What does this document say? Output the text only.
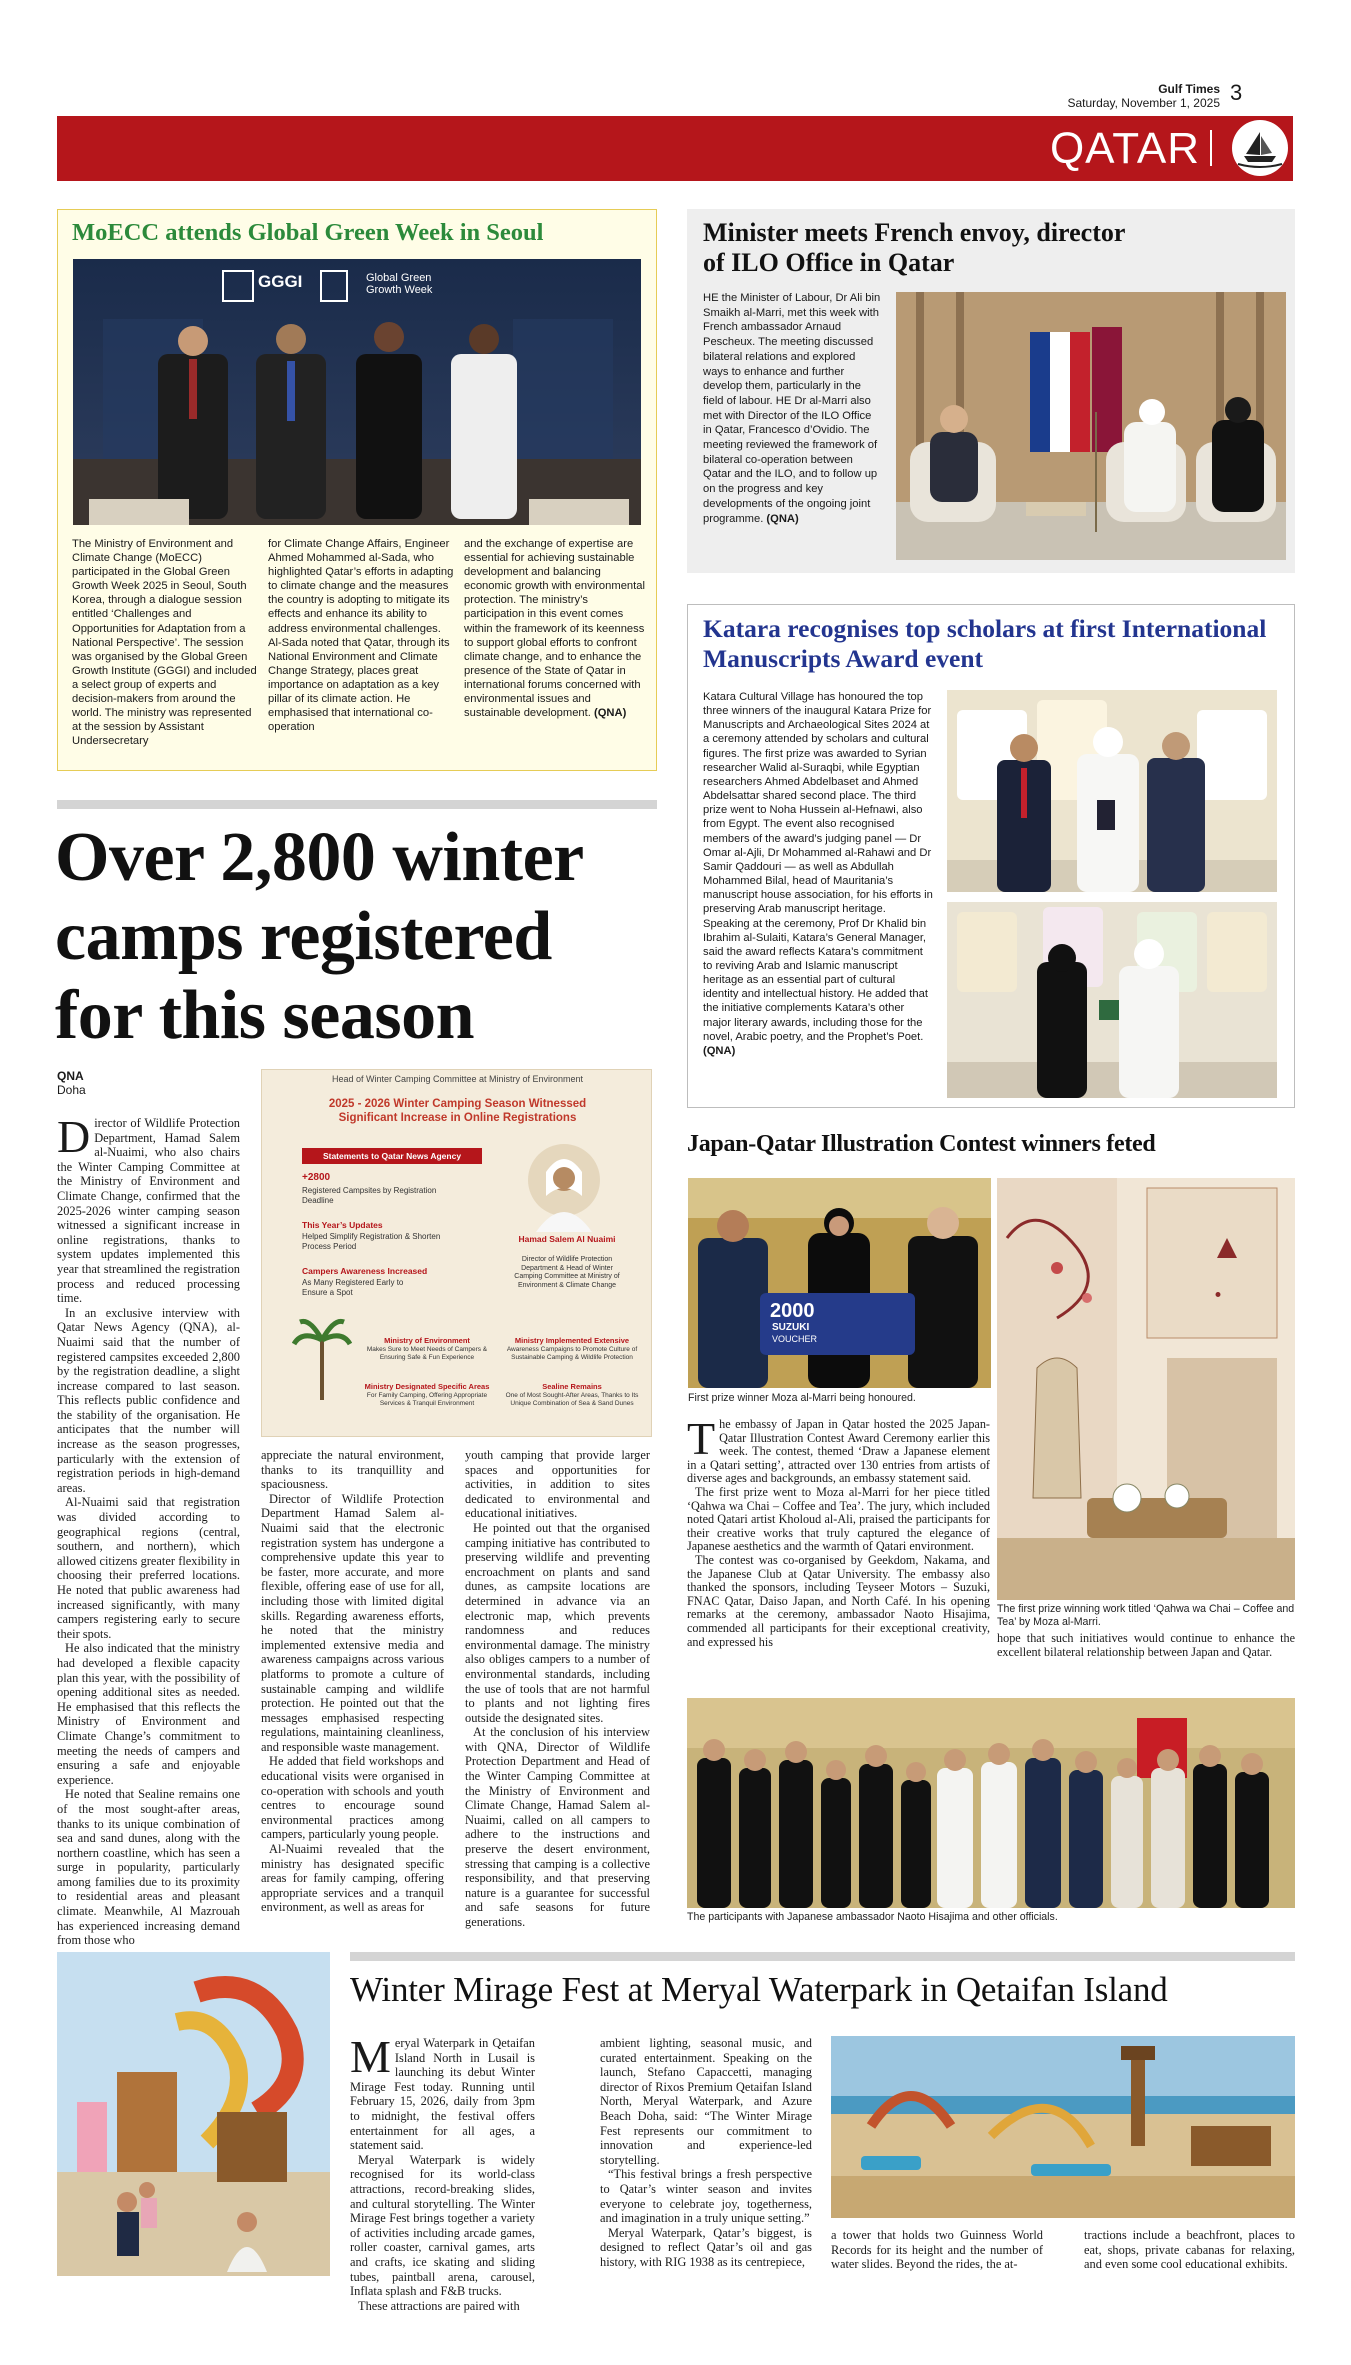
Gulf Times
Saturday, November 1, 2025 3
QATAR
MoECC attends Global Green Week in Seoul
GGGI	Global Green Growth Week
The Ministry of Environment and Climate Change (MoECC) participated in the Global Green Growth Week 2025 in Seoul, South Korea, through a dialogue session entitled ‘Challenges and Opportunities for Adaptation from a National Perspective’. The session was organised by the Global Green Growth Institute (GGGI) and included a select group of experts and decision-makers from around the world. The ministry was represented at the session by Assistant Undersecretary
for Climate Change Affairs, Engineer Ahmed Mohammed al-Sada, who highlighted Qatar’s efforts in adapting to climate change and the measures the country is adopting to mitigate its effects and enhance its ability to address environmental challenges. Al-Sada noted that Qatar, through its National Environment and Climate Change Strategy, places great importance on adaptation as a key pillar of its climate action. He emphasised that international co-operation
and the exchange of expertise are essential for achieving sustainable development and balancing economic growth with environmental protection. The ministry’s participation in this event comes within the framework of its keenness to support global efforts to confront climate change, and to enhance the presence of the State of Qatar in international forums concerned with environmental issues and sustainable development. (QNA)
Minister meets French envoy, director of ILO Office in Qatar
HE the Minister of Labour, Dr Ali bin Smaikh al-Marri, met this week with French ambassador Arnaud Pescheux. The meeting discussed bilateral relations and explored ways to enhance and further develop them, particularly in the field of labour. HE Dr al-Marri also met with Director of the ILO Office in Qatar, Francesco d’Ovidio. The meeting reviewed the framework of bilateral co-operation between Qatar and the ILO, and to follow up on the progress and key developments of the ongoing joint programme. (QNA)
Katara recognises top scholars at first International Manuscripts Award event
Katara Cultural Village has honoured the top three winners of the inaugural Katara Prize for Manuscripts and Archaeological Sites 2024 at a ceremony attended by scholars and cultural figures. The first prize was awarded to Syrian researcher Walid al-Suraqbi, while Egyptian researchers Ahmed Abdelbaset and Ahmed Abdelsattar shared second place. The third prize went to Noha Hussein al-Hefnawi, also from Egypt. The event also recognised members of the award’s judging panel — Dr Omar al-Ajli, Dr Mohammed al-Rahawi and Dr Samir Qaddouri — as well as Abdullah Mohammed Bilal, head of Mauritania’s manuscript house association, for his efforts in preserving Arab manuscript heritage. Speaking at the ceremony, Prof Dr Khalid bin Ibrahim al-Sulaiti, Katara’s General Manager, said the award reflects Katara’s commitment to reviving Arab and Islamic manuscript heritage as an essential part of cultural identity and intellectual history. He added that the initiative complements Katara’s other major literary awards, including those for the novel, Arabic poetry, and the Prophet’s Poet. (QNA)
Japan-Qatar Illustration Contest winners feted
2000
SUZUKI
VOUCHER
First prize winner Moza al-Marri being honoured.
·
The first prize winning work titled ‘Qahwa wa Chai – Coffee and Tea’ by Moza al-Marri.

The embassy of Japan in Qatar hosted the 2025 Japan-Qatar Illustration Contest Award Ceremony earlier this week. The contest, themed ‘Draw a Japanese element in a Qatari setting’, attracted over 130 entries from artists of diverse ages and backgrounds, an embassy statement said.

The first prize went to Moza al-Marri for her piece titled ‘Qahwa wa Chai – Coffee and Tea’. The jury, which included noted Qatari artist Kholoud al-Ali, praised the participants for their creative works that truly captured the elegance of Japanese aesthetics and the warmth of Qatari environment.

The contest was co-organised by Geekdom, Nakama, and the Japanese Club at Qatar University. The embassy also thanked the sponsors, including Teyseer Motors – Suzuki, FNAC Qatar, Daiso Japan, and North Café. In his opening remarks at the ceremony, ambassador Naoto Hisajima, commended all participants for their exceptional creativity, and expressed his	hope that such initiatives would continue to enhance the excellent bilateral relationship between Japan and Qatar.
The participants with Japanese ambassador Naoto Hisajima and other officials.
Over 2,800 winter
camps registered
for this season
QNA
Doha

Director of Wildlife Protection Department, Hamad Salem al-Nuaimi, who also chairs the Winter Camping Committee at the Ministry of Environment and Climate Change, confirmed that the 2025-2026 winter camping season witnessed a significant increase in online registrations, thanks to system updates implemented this year that streamlined the registration process and reduced processing time.

In an exclusive interview with Qatar News Agency (QNA), al-Nuaimi said that the number of registered campsites exceeded 2,800 by the registration deadline, a slight increase compared to last season. This reflects public confidence and the stability of the organisation. He anticipates that the number will increase as the season progresses, particularly with the extension of registration periods in high-demand areas.

Al-Nuaimi said that registration was divided according to geographical regions (central, southern, and northern), which allowed citizens greater flexibility in choosing their preferred locations. He noted that public awareness had increased significantly, with many campers registering early to secure their spots.

He also indicated that the ministry had developed a flexible capacity plan this year, with the possibility of opening additional sites as needed. He emphasised that this reflects the Ministry of Environment and Climate Change’s commitment to meeting the needs of campers and ensuring a safe and enjoyable experience.

He noted that Sealine remains one of the most sought-after areas, thanks to its unique combination of sea and sand dunes, along with the northern coastline, which has seen a surge in popularity, particularly among families due to its proximity to residential areas and pleasant climate. Meanwhile, Al Mazrouah has experienced increasing demand from those who

Head of Winter Camping Committee at Ministry of Environment
2025 - 2026 Winter Camping Season Witnessed
Significant Increase in Online Registrations
Statements to Qatar News Agency
+2800
Registered Campsites by Registration Deadline
This Year’s Updates
Helped Simplify Registration & Shorten Process Period
Campers Awareness Increased
As Many Registered Early to Ensure a Spot
Hamad Salem Al Nuaimi
Director of Wildlife Protection Department & Head of Winter Camping Committee at Ministry of Environment & Climate Change
Ministry of Environment
Makes Sure to Meet Needs of Campers & Ensuring Safe & Fun Experience
Ministry Implemented Extensive
Awareness Campaigns to Promote Culture of Sustainable Camping & Wildlife Protection
Ministry Designated Specific Areas
For Family Camping, Offering Appropriate Services & Tranquil Environment
Sealine Remains
One of Most Sought-After Areas, Thanks to Its Unique Combination of Sea & Sand Dunes

appreciate the natural environment, thanks to its tranquillity and spaciousness.

Director of Wildlife Protection Department Hamad Salem al-Nuaimi said that the electronic registration system has undergone a comprehensive update this year to be faster, more accurate, and more flexible, offering ease of use for all, including those with limited digital skills. Regarding awareness efforts, he noted that the ministry implemented extensive media and awareness campaigns across various platforms to promote a culture of sustainable camping and wildlife protection. He pointed out that the messages emphasised respecting regulations, maintaining cleanliness, and responsible waste management.

He added that field workshops and educational visits were organised in co-operation with schools and youth centres to encourage sound environmental practices among campers, particularly young people.

Al-Nuaimi revealed that the ministry has designated specific areas for family camping, offering appropriate services and a tranquil environment, as well as areas for

youth camping that provide larger spaces and opportunities for activities, in addition to sites dedicated to environmental and educational initiatives.

He pointed out that the organised camping initiative has contributed to preserving wildlife and preventing encroachment on plants and sand dunes, as campsite locations are determined in advance via an electronic map, which prevents randomness and reduces environmental damage. The ministry also obliges campers to a number of environmental standards, including the use of tools that are not harmful to plants and not lighting fires outside the designated sites.

At the conclusion of his interview with QNA, Director of Wildlife Protection Department and Head of the Winter Camping Committee at the Ministry of Environment and Climate Change, Hamad Salem al-Nuaimi, called on all campers to adhere to the instructions and preserve the desert environment, stressing that camping is a collective responsibility, and that preserving nature is a guarantee for successful and safe seasons for future generations.

Winter Mirage Fest at Meryal Waterpark in Qetaifan Island

Meryal Waterpark in Qetaifan Island North in Lusail is launching its debut Winter Mirage Fest today. Running until February 15, 2026, daily from 3pm to midnight, the festival offers entertainment for all ages, a statement said.

Meryal Waterpark is widely recognised for its world-class attractions, record-breaking slides, and cultural storytelling. The Winter Mirage Fest brings together a variety of activities including arcade games, roller coaster, carnival games, arts and crafts, ice skating and sliding tubes, paintball arena, carousel, Inflata splash and F&B trucks.

These attractions are paired with

ambient lighting, seasonal music, and curated entertainment. Speaking on the launch, Stefano Capaccetti, managing director of Rixos Premium Qetaifan Island North, Meryal Waterpark, and Azure Beach Doha, said: “The Winter Mirage Fest represents our commitment to innovation and experience-led storytelling.

“This festival brings a fresh perspective to Qatar’s winter season and invites everyone to celebrate joy, togetherness, and imagination in a truly unique setting.”

Meryal Waterpark, Qatar’s biggest, is designed to reflect Qatar’s oil and gas history, with RIG 1938 as its centrepiece,

a tower that holds two Guinness World Records for its height and the number of water slides. Beyond the rides, the at-
tractions include a beachfront, places to eat, shops, private cabanas for relaxing, and even some cool educational exhibits.
